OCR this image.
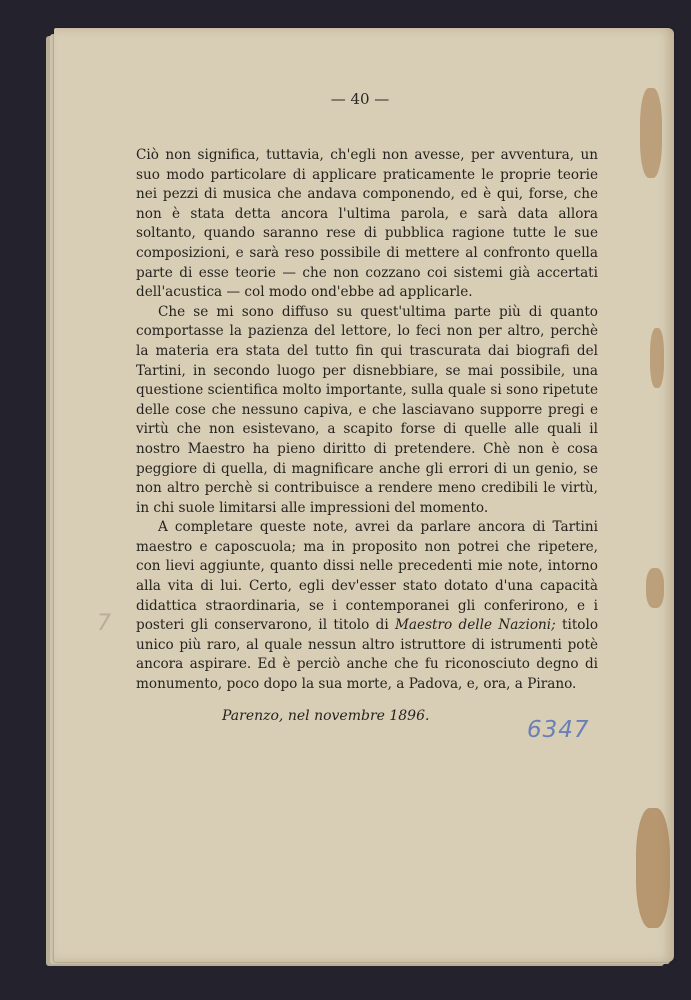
— 40 —

Ciò non significa, tuttavia, ch'egli non avesse, per avventura, un suo modo particolare di applicare praticamente le proprie teorie nei pezzi di musica che andava componendo, ed è qui, forse, che non è stata detta ancora l'ultima parola, e sarà data allora soltanto, quando saranno rese di pubblica ragione tutte le sue composizioni, e sarà reso possibile di mettere al confronto quella parte di esse teorie — che non cozzano coi sistemi già accertati dell'acustica — col modo ond'ebbe ad applicarle.

Che se mi sono diffuso su quest'ultima parte più di quanto comportasse la pazienza del lettore, lo feci non per altro, perchè la materia era stata del tutto fin qui trascurata dai biografi del Tartini, in secondo luogo per disnebbiare, se mai possibile, una questione scientifica molto importante, sulla quale si sono ripetute delle cose che nessuno capiva, e che lasciavano supporre pregi e virtù che non esistevano, a scapito forse di quelle alle quali il nostro Maestro ha pieno diritto di pretendere. Chè non è cosa peggiore di quella, di magnificare anche gli errori di un genio, se non altro perchè si contribuisce a rendere meno credibili le virtù, in chi suole limitarsi alle impressioni del momento.

A completare queste note, avrei da parlare ancora di Tartini maestro e caposcuola; ma in proposito non potrei che ripetere, con lievi aggiunte, quanto dissi nelle precedenti mie note, intorno alla vita di lui. Certo, egli dev'esser stato dotato d'una capacità didattica straordinaria, se i contemporanei gli conferirono, e i posteri gli conservarono, il titolo di Maestro delle Nazioni; titolo unico più raro, al quale nessun altro istruttore di istrumenti potè ancora aspirare. Ed è perciò anche che fu riconosciuto degno di monumento, poco dopo la sua morte, a Padova, e, ora, a Pirano.

Parenzo, nel novembre 1896.
6347
7
